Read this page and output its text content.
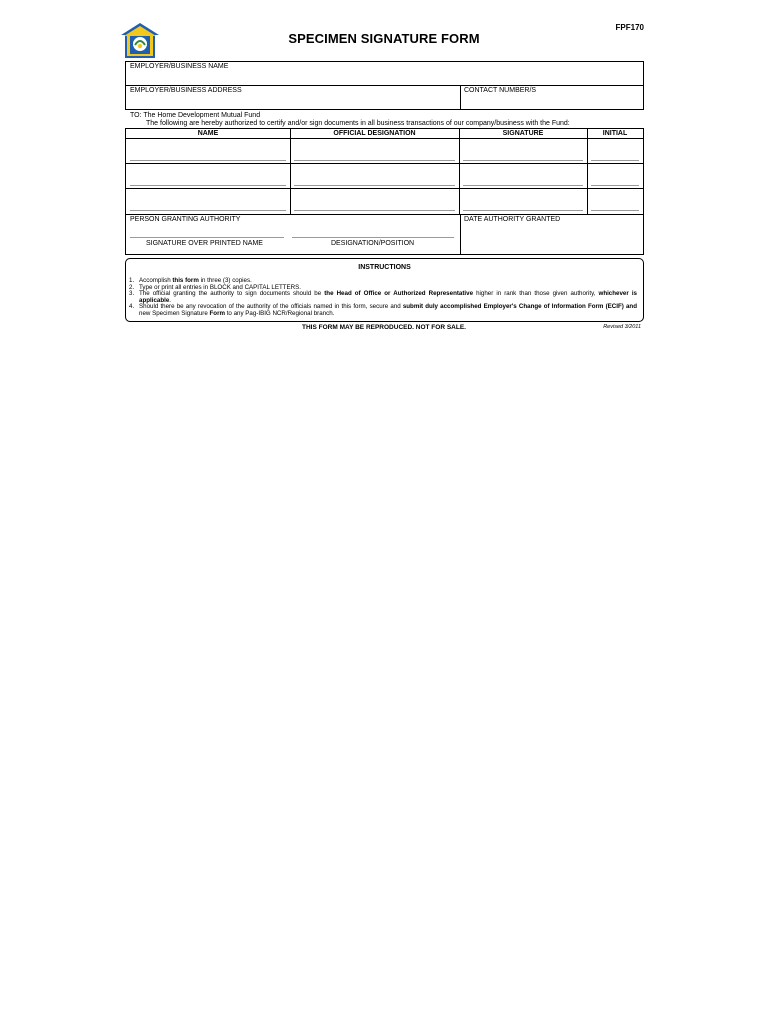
FPF170
SPECIMEN SIGNATURE FORM
EMPLOYER/BUSINESS NAME
EMPLOYER/BUSINESS ADDRESS	CONTACT NUMBER/S
TO: The Home Development Mutual Fund
The following are hereby authorized to certify and/or sign documents in all business transactions of our company/business with the Fund:
NAME	OFFICIAL DESIGNATION	SIGNATURE	INITIAL
PERSON GRANTING AUTHORITY	DATE AUTHORITY GRANTED
SIGNATURE OVER PRINTED NAME	DESIGNATION/POSITION
INSTRUCTIONS
1. Accomplish this form in three (3) copies.
2. Type or print all entries in BLOCK and CAPITAL LETTERS.
3. The official granting the authority to sign documents should be the Head of Office or Authorized Representative higher in rank than those given authority, whichever is applicable.
4. Should there be any revocation of the authority of the officials named in this form, secure and submit duly accomplished Employer's Change of Information Form (ECIF) and new Specimen Signature Form to any Pag-IBIG NCR/Regional branch.
THIS FORM MAY BE REPRODUCED. NOT FOR SALE.	Revised 3/2011
